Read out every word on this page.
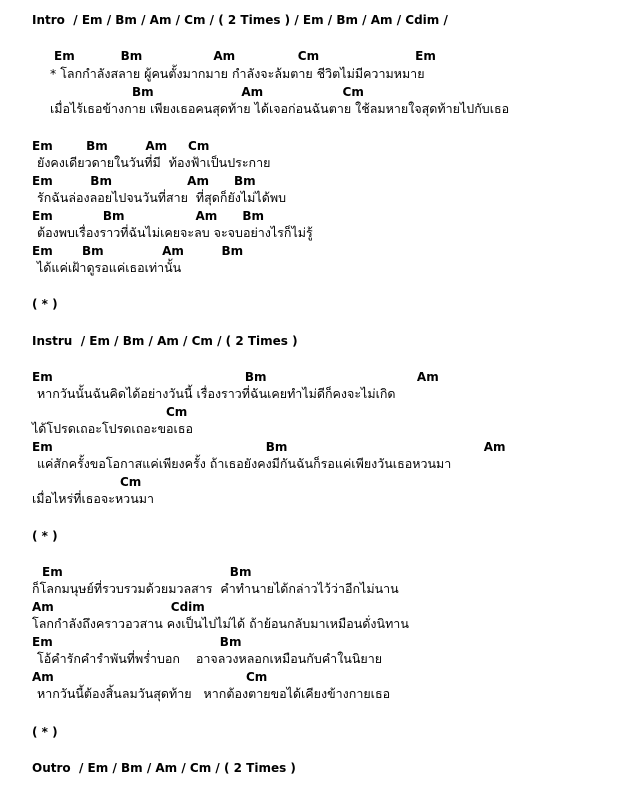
Intro  / Em / Bm / Am / Cm / ( 2 Times ) / Em / Bm / Am / Cdim /
Em           Bm                 Am               Cm                       Em
* โลกกำลังสลาย ผู้คนตั้งมากมาย กำลังจะล้มตาย ชีวิตไม่มีความหมาย
Bm                     Am                   Cm
เมื่อไร้เธอข้างกาย เพียงเธอคนสุดท้าย ได้เจอก่อนฉันตาย ใช้ลมหายใจสุดท้ายไปกับเธอ
Em        Bm         Am     Cm
ยังคงเดียวดายในวันที่มี  ท้องฟ้าเป็นประกาย
Em         Bm                  Am      Bm
รักฉันล่องลอยไปจนวันที่สาย  ที่สุดก็ยังไม่ได้พบ
Em            Bm                 Am      Bm
ต้องพบเรื่องราวที่ฉันไม่เคยจะลบ จะจบอย่างไรก็ไม่รู้
Em       Bm              Am         Bm
ได้แค่เฝ้าดูรอแค่เธอเท่านั้น
( * )
Instru  / Em / Bm / Am / Cm / ( 2 Times )
Em                                              Bm                                    Am
หากวันนั้นฉันคิดได้อย่างวันนี้ เรื่องราวที่ฉันเคยทำไม่ดีก็คงจะไม่เกิด
Cm
ได้โปรดเถอะโปรดเถอะขอเธอ
Em                                                   Bm                                               Am
แค่สักครั้งขอโอกาสแค่เพียงครั้ง ถ้าเธอยังคงมีกันฉันก็รอแค่เพียงวันเธอหวนมา
Cm
เมื่อไหร่ที่เธอจะหวนมา
( * )
Em                                        Bm
ก็โลกมนุษย์ที่รวบรวมด้วยมวลสาร  คำทำนายได้กล่าวไว้ว่าอีกไม่นาน
Am                            Cdim
โลกกำลังถึงคราวอวสาน คงเป็นไปไม่ได้ ถ้าย้อนกลับมาเหมือนดั่งนิทาน
Em                                        Bm
โอ้คำรักคำรำพันที่พร่ำบอก    อาจลวงหลอกเหมือนกับคำในนิยาย
Am                                              Cm
หากวันนี้ต้องสิ้นลมวันสุดท้าย   หากต้องตายขอได้เคียงข้างกายเธอ
( * )
Outro  / Em / Bm / Am / Cm / ( 2 Times )
